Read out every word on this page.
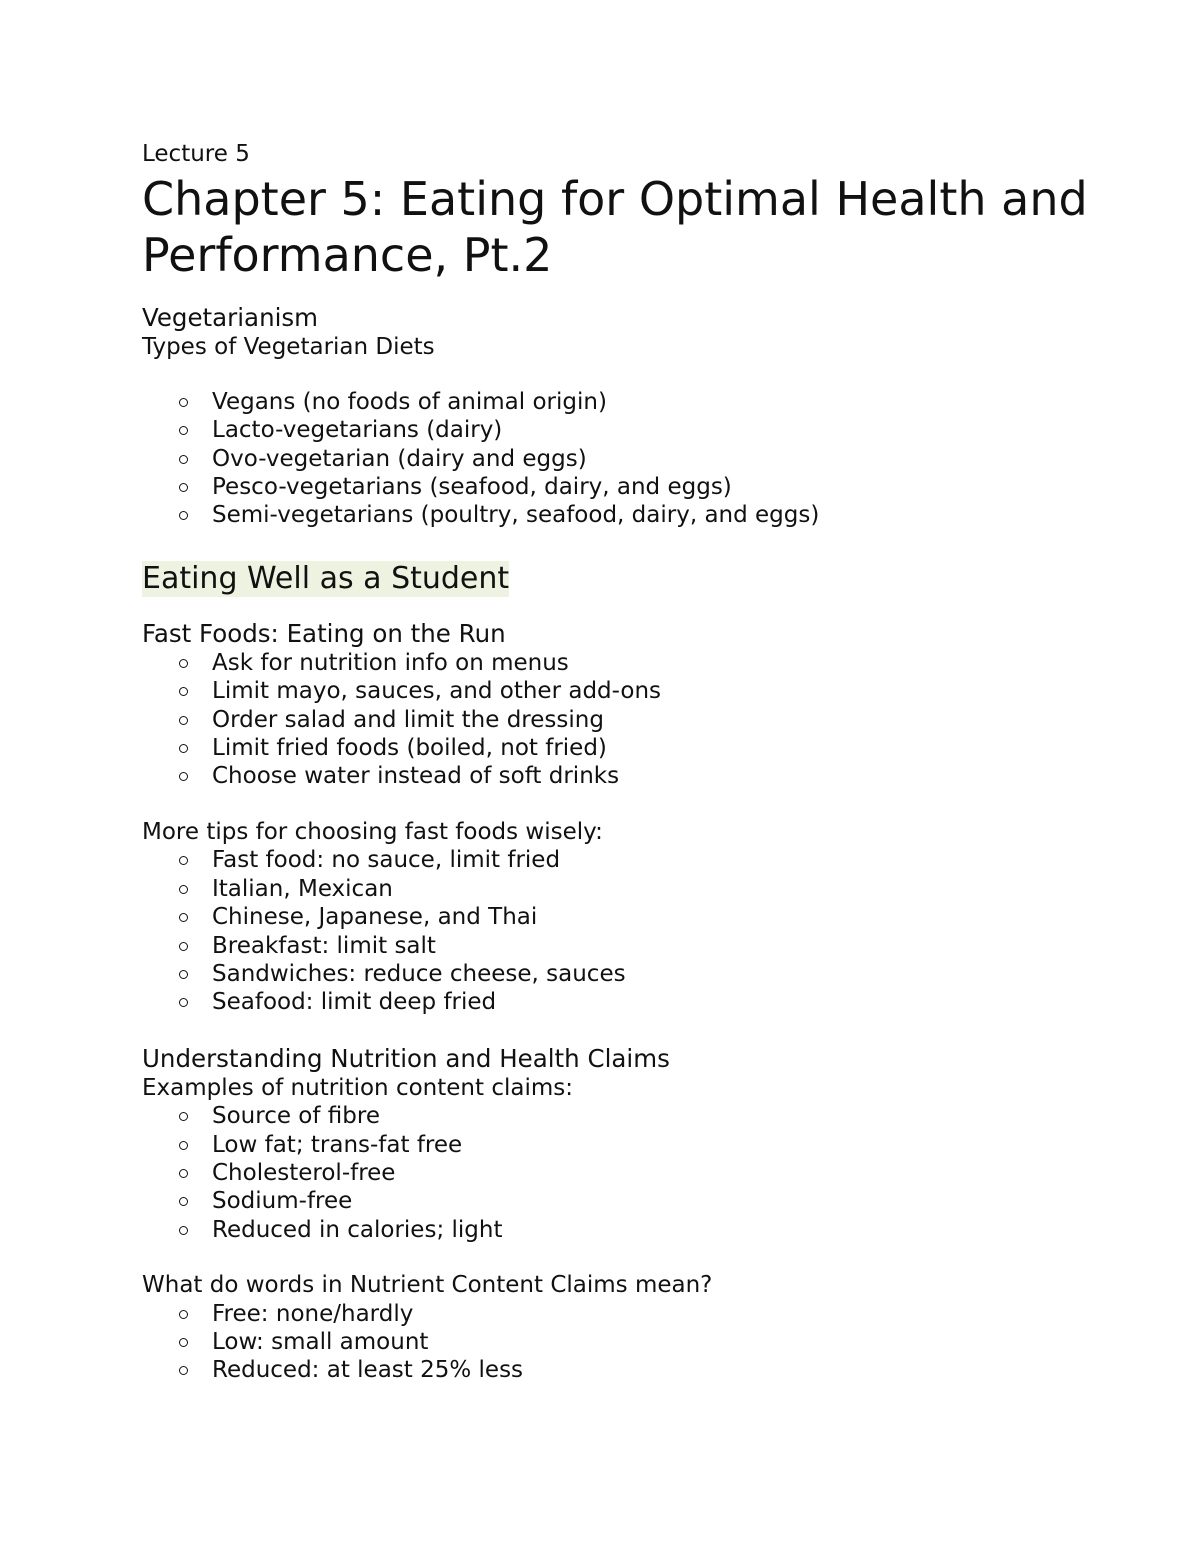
Lecture 5

Chapter 5: Eating for Optimal Health and Performance, Pt.2
Vegetarianism

Types of Vegetarian Diets

Vegans (no foods of animal origin)
Lacto-vegetarians (dairy)
Ovo-vegetarian (dairy and eggs)
Pesco-vegetarians (seafood, dairy, and eggs)
Semi-vegetarians (poultry, seafood, dairy, and eggs)
Eating Well as a Student
Fast Foods: Eating on the Run
Ask for nutrition info on menus
Limit mayo, sauces, and other add-ons
Order salad and limit the dressing
Limit fried foods (boiled, not fried)
Choose water instead of soft drinks

More tips for choosing fast foods wisely:

Fast food: no sauce, limit fried
Italian, Mexican
Chinese, Japanese, and Thai
Breakfast: limit salt
Sandwiches: reduce cheese, sauces
Seafood: limit deep fried
Understanding Nutrition and Health Claims

Examples of nutrition content claims:

Source of fibre
Low fat; trans-fat free
Cholesterol-free
Sodium-free
Reduced in calories; light

What do words in Nutrient Content Claims mean?

Free: none/hardly
Low: small amount
Reduced: at least 25% less
